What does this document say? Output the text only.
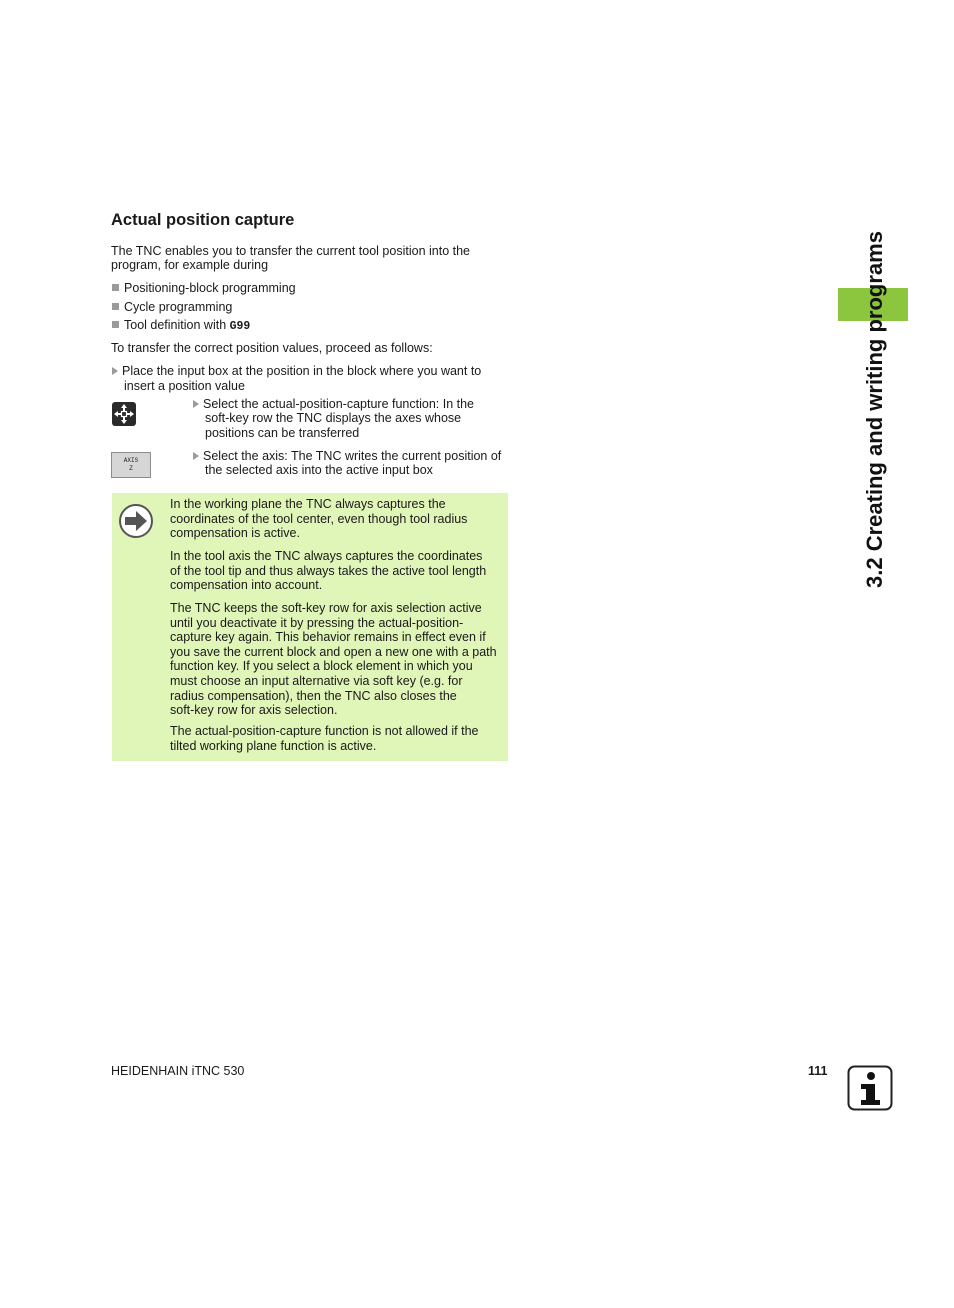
3.2 Creating and writing programs
Actual position capture
The TNC enables you to transfer the current tool position into the
program, for example during
Positioning-block programming
Cycle programming
Tool definition with G99
To transfer the correct position values, proceed as follows:
Place the input box at the position in the block where you want to
insert a position value
Select the actual-position-capture function: In the
soft-key row the TNC displays the axes whose
positions can be transferred
AXIS
Z
Select the axis: The TNC writes the current position of
the selected axis into the active input box
In the working plane the TNC always captures the
coordinates of the tool center, even though tool radius
compensation is active.
In the tool axis the TNC always captures the coordinates
of the tool tip and thus always takes the active tool length
compensation into account.
The TNC keeps the soft-key row for axis selection active
until you deactivate it by pressing the actual-position-
capture key again. This behavior remains in effect even if
you save the current block and open a new one with a path
function key. If you select a block element in which you
must choose an input alternative via soft key (e.g. for
radius compensation), then the TNC also closes the
soft-key row for axis selection.
The actual-position-capture function is not allowed if the
tilted working plane function is active.
HEIDENHAIN iTNC 530	111
